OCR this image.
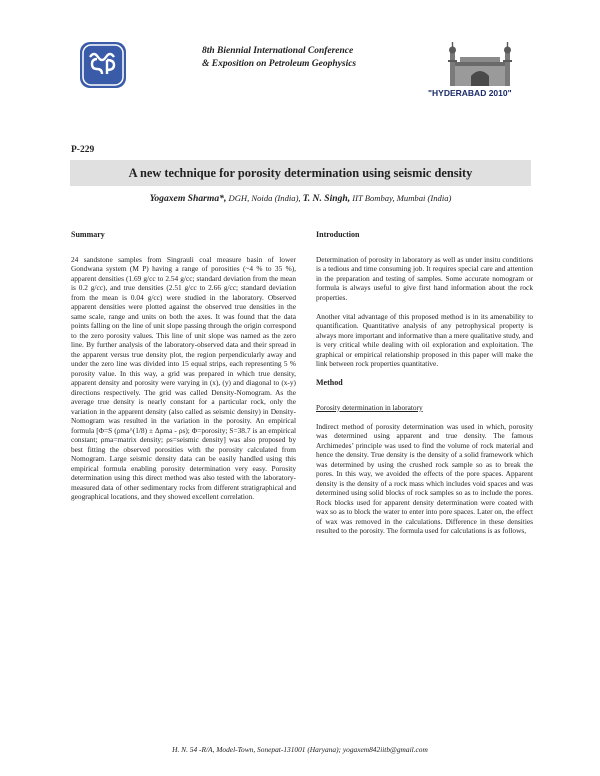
8th Biennial International Conference
& Exposition on Petroleum Geophysics
"HYDERABAD 2010"
P-229
A new technique for porosity determination using seismic density
Yogaxem Sharma*, DGH, Noida (India), T. N. Singh, IIT Bombay, Mumbai (India)
Summary

24 sandstone samples from Singrauli coal measure basin of lower Gondwana system (M P) having a range of porosities (~4 % to 35 %), apparent densities (1.69 g/cc to 2.54 g/cc; standard deviation from the mean is 0.2 g/cc), and true densities (2.51 g/cc to 2.66 g/cc; standard deviation from the mean is 0.04 g/cc) were studied in the laboratory. Observed apparent densities were plotted against the observed true densities in the same scale, range and units on both the axes. It was found that the data points falling on the line of unit slope passing through the origin correspond to the zero porosity values. This line of unit slope was named as the zero line. By further analysis of the laboratory-observed data and their spread in the apparent versus true density plot, the region perpendicularly away and under the zero line was divided into 15 equal strips, each representing 5 % porosity value. In this way, a grid was prepared in which true density, apparent density and porosity were varying in (x), (y) and diagonal to (x-y) directions respectively. The grid was called Density-Nomogram. As the average true density is nearly constant for a particular rock, only the variation in the apparent density (also called as seismic density) in Density-Nomogram was resulted in the variation in the porosity. An empirical formula [Φ=S (ρma^(1/8) ± Δρma - ρs); Φ=porosity; S=38.7 is an empirical constant; ρma=matrix density; ρs=seismic density] was also proposed by best fitting the observed porosities with the porosity calculated from Nomogram. Large seismic density data can be easily handled using this empirical formula enabling porosity determination very easy. Porosity determination using this direct method was also tested with the laboratory-measured data of other sedimentary rocks from different stratigraphical and geographical locations, and they showed excellent correlation.

Introduction

Determination of porosity in laboratory as well as under insitu conditions is a tedious and time consuming job. It requires special care and attention in the preparation and testing of samples. Some accurate nomogram or formula is always useful to give first hand information about the rock properties.

Another vital advantage of this proposed method is in its amenability to quantification. Quantitative analysis of any petrophysical property is always more important and informative than a mere qualitative study, and is very critical while dealing with oil exploration and exploitation. The graphical or empirical relationship proposed in this paper will make the link between rock properties quantitative.

Method
Porosity determination in laboratory

Indirect method of porosity determination was used in which, porosity was determined using apparent and true density. The famous Archimedes’ principle was used to find the volume of rock material and hence the density. True density is the density of a solid framework which was determined by using the crushed rock sample so as to break the pores. In this way, we avoided the effects of the pore spaces. Apparent density is the density of a rock mass which includes void spaces and was determined using solid blocks of rock samples so as to include the pores. Rock blocks used for apparent density determination were coated with wax so as to block the water to enter into pore spaces. Later on, the effect of wax was removed in the calculations. Difference in these densities resulted to the porosity. The formula used for calculations is as follows,

H. N. 54 -R/A, Model-Town, Sonepat-131001 (Haryana); yogaxem842iitb@gmail.com
